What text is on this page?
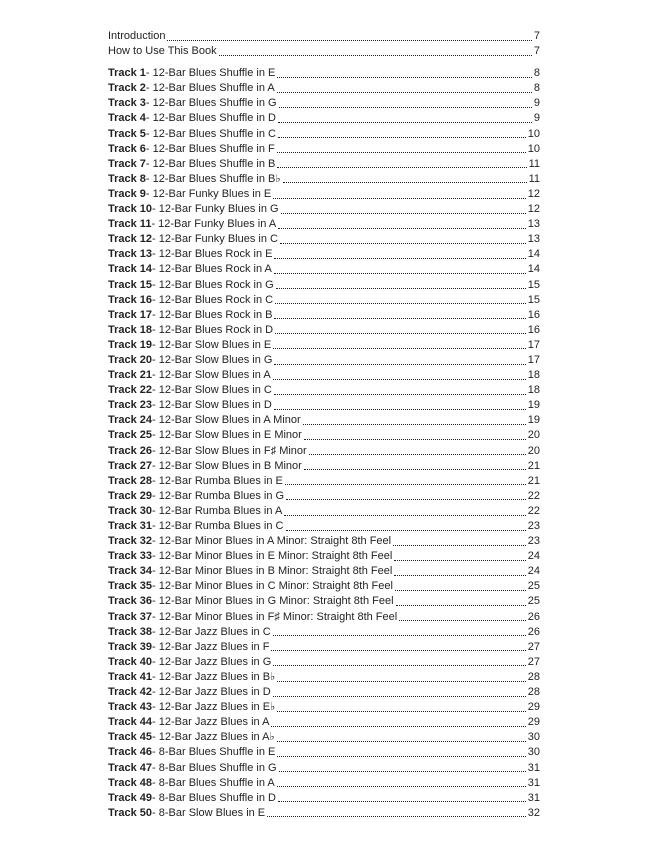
Introduction	7
How to Use This Book	7
Track 1 - 12-Bar Blues Shuffle in E	8
Track 2 - 12-Bar Blues Shuffle in A	8
Track 3 - 12-Bar Blues Shuffle in G	9
Track 4 - 12-Bar Blues Shuffle in D	9
Track 5 - 12-Bar Blues Shuffle in C	10
Track 6 - 12-Bar Blues Shuffle in F	10
Track 7 - 12-Bar Blues Shuffle in B	11
Track 8 - 12-Bar Blues Shuffle in B♭	11
Track 9 - 12-Bar Funky Blues in E	12
Track 10 - 12-Bar Funky Blues in G	12
Track 11 - 12-Bar Funky Blues in A	13
Track 12 - 12-Bar Funky Blues in C	13
Track 13 - 12-Bar Blues Rock in E	14
Track 14 - 12-Bar Blues Rock in A	14
Track 15 - 12-Bar Blues Rock in G	15
Track 16 - 12-Bar Blues Rock in C	15
Track 17 - 12-Bar Blues Rock in B	16
Track 18 - 12-Bar Blues Rock in D	16
Track 19 - 12-Bar Slow Blues in E	17
Track 20 - 12-Bar Slow Blues in G	17
Track 21 - 12-Bar Slow Blues in A	18
Track 22 - 12-Bar Slow Blues in C	18
Track 23 - 12-Bar Slow Blues in D	19
Track 24 - 12-Bar Slow Blues in A Minor	19
Track 25 - 12-Bar Slow Blues in E Minor	20
Track 26 - 12-Bar Slow Blues in F♯ Minor	20
Track 27 - 12-Bar Slow Blues in B Minor	21
Track 28 - 12-Bar Rumba Blues in E	21
Track 29 - 12-Bar Rumba Blues in G	22
Track 30 - 12-Bar Rumba Blues in A	22
Track 31 - 12-Bar Rumba Blues in C	23
Track 32 - 12-Bar Minor Blues in A Minor: Straight 8th Feel	23
Track 33 - 12-Bar Minor Blues in E Minor: Straight 8th Feel	24
Track 34 - 12-Bar Minor Blues in B Minor: Straight 8th Feel	24
Track 35 - 12-Bar Minor Blues in C Minor: Straight 8th Feel	25
Track 36 - 12-Bar Minor Blues in G Minor: Straight 8th Feel	25
Track 37 - 12-Bar Minor Blues in F♯ Minor: Straight 8th Feel	26
Track 38 - 12-Bar Jazz Blues in C	26
Track 39 - 12-Bar Jazz Blues in F	27
Track 40 - 12-Bar Jazz Blues in G	27
Track 41 - 12-Bar Jazz Blues in B♭	28
Track 42 - 12-Bar Jazz Blues in D	28
Track 43 - 12-Bar Jazz Blues in E♭	29
Track 44 - 12-Bar Jazz Blues in A	29
Track 45 - 12-Bar Jazz Blues in A♭	30
Track 46 - 8-Bar Blues Shuffle in E	30
Track 47 - 8-Bar Blues Shuffle in G	31
Track 48 - 8-Bar Blues Shuffle in A	31
Track 49 - 8-Bar Blues Shuffle in D	31
Track 50 - 8-Bar Slow Blues in E	32
